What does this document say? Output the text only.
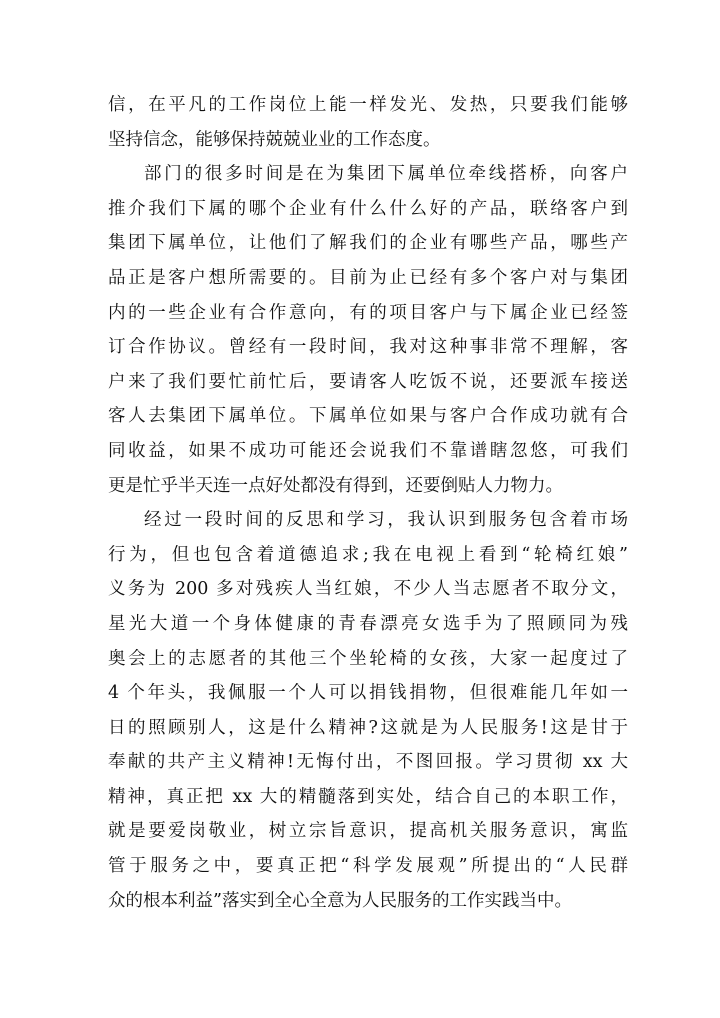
信，在平凡的工作岗位上能一样发光、发热，只要我们能够
坚持信念，能够保持兢兢业业的工作态度。
部门的很多时间是在为集团下属单位牵线搭桥，向客户
推介我们下属的哪个企业有什么什么好的产品，联络客户到
集团下属单位，让他们了解我们的企业有哪些产品，哪些产
品正是客户想所需要的。目前为止已经有多个客户对与集团
内的一些企业有合作意向，有的项目客户与下属企业已经签
订合作协议。曾经有一段时间，我对这种事非常不理解，客
户来了我们要忙前忙后，要请客人吃饭不说，还要派车接送
客人去集团下属单位。下属单位如果与客户合作成功就有合
同收益，如果不成功可能还会说我们不靠谱瞎忽悠，可我们
更是忙乎半天连一点好处都没有得到，还要倒贴人力物力。
经过一段时间的反思和学习，我认识到服务包含着市场
行为，但也包含着道德追求;我在电视上看到“轮椅红娘”
义务为 200 多对残疾人当红娘，不少人当志愿者不取分文，
星光大道一个身体健康的青春漂亮女选手为了照顾同为残
奥会上的志愿者的其他三个坐轮椅的女孩，大家一起度过了
4 个年头，我佩服一个人可以捐钱捐物，但很难能几年如一
日的照顾别人，这是什么精神?这就是为人民服务!这是甘于
奉献的共产主义精神!无悔付出，不图回报。学习贯彻 xx 大
精神，真正把 xx 大的精髓落到实处，结合自己的本职工作，
就是要爱岗敬业，树立宗旨意识，提高机关服务意识，寓监
管于服务之中，要真正把“科学发展观”所提出的“人民群
众的根本利益”落实到全心全意为人民服务的工作实践当中。
